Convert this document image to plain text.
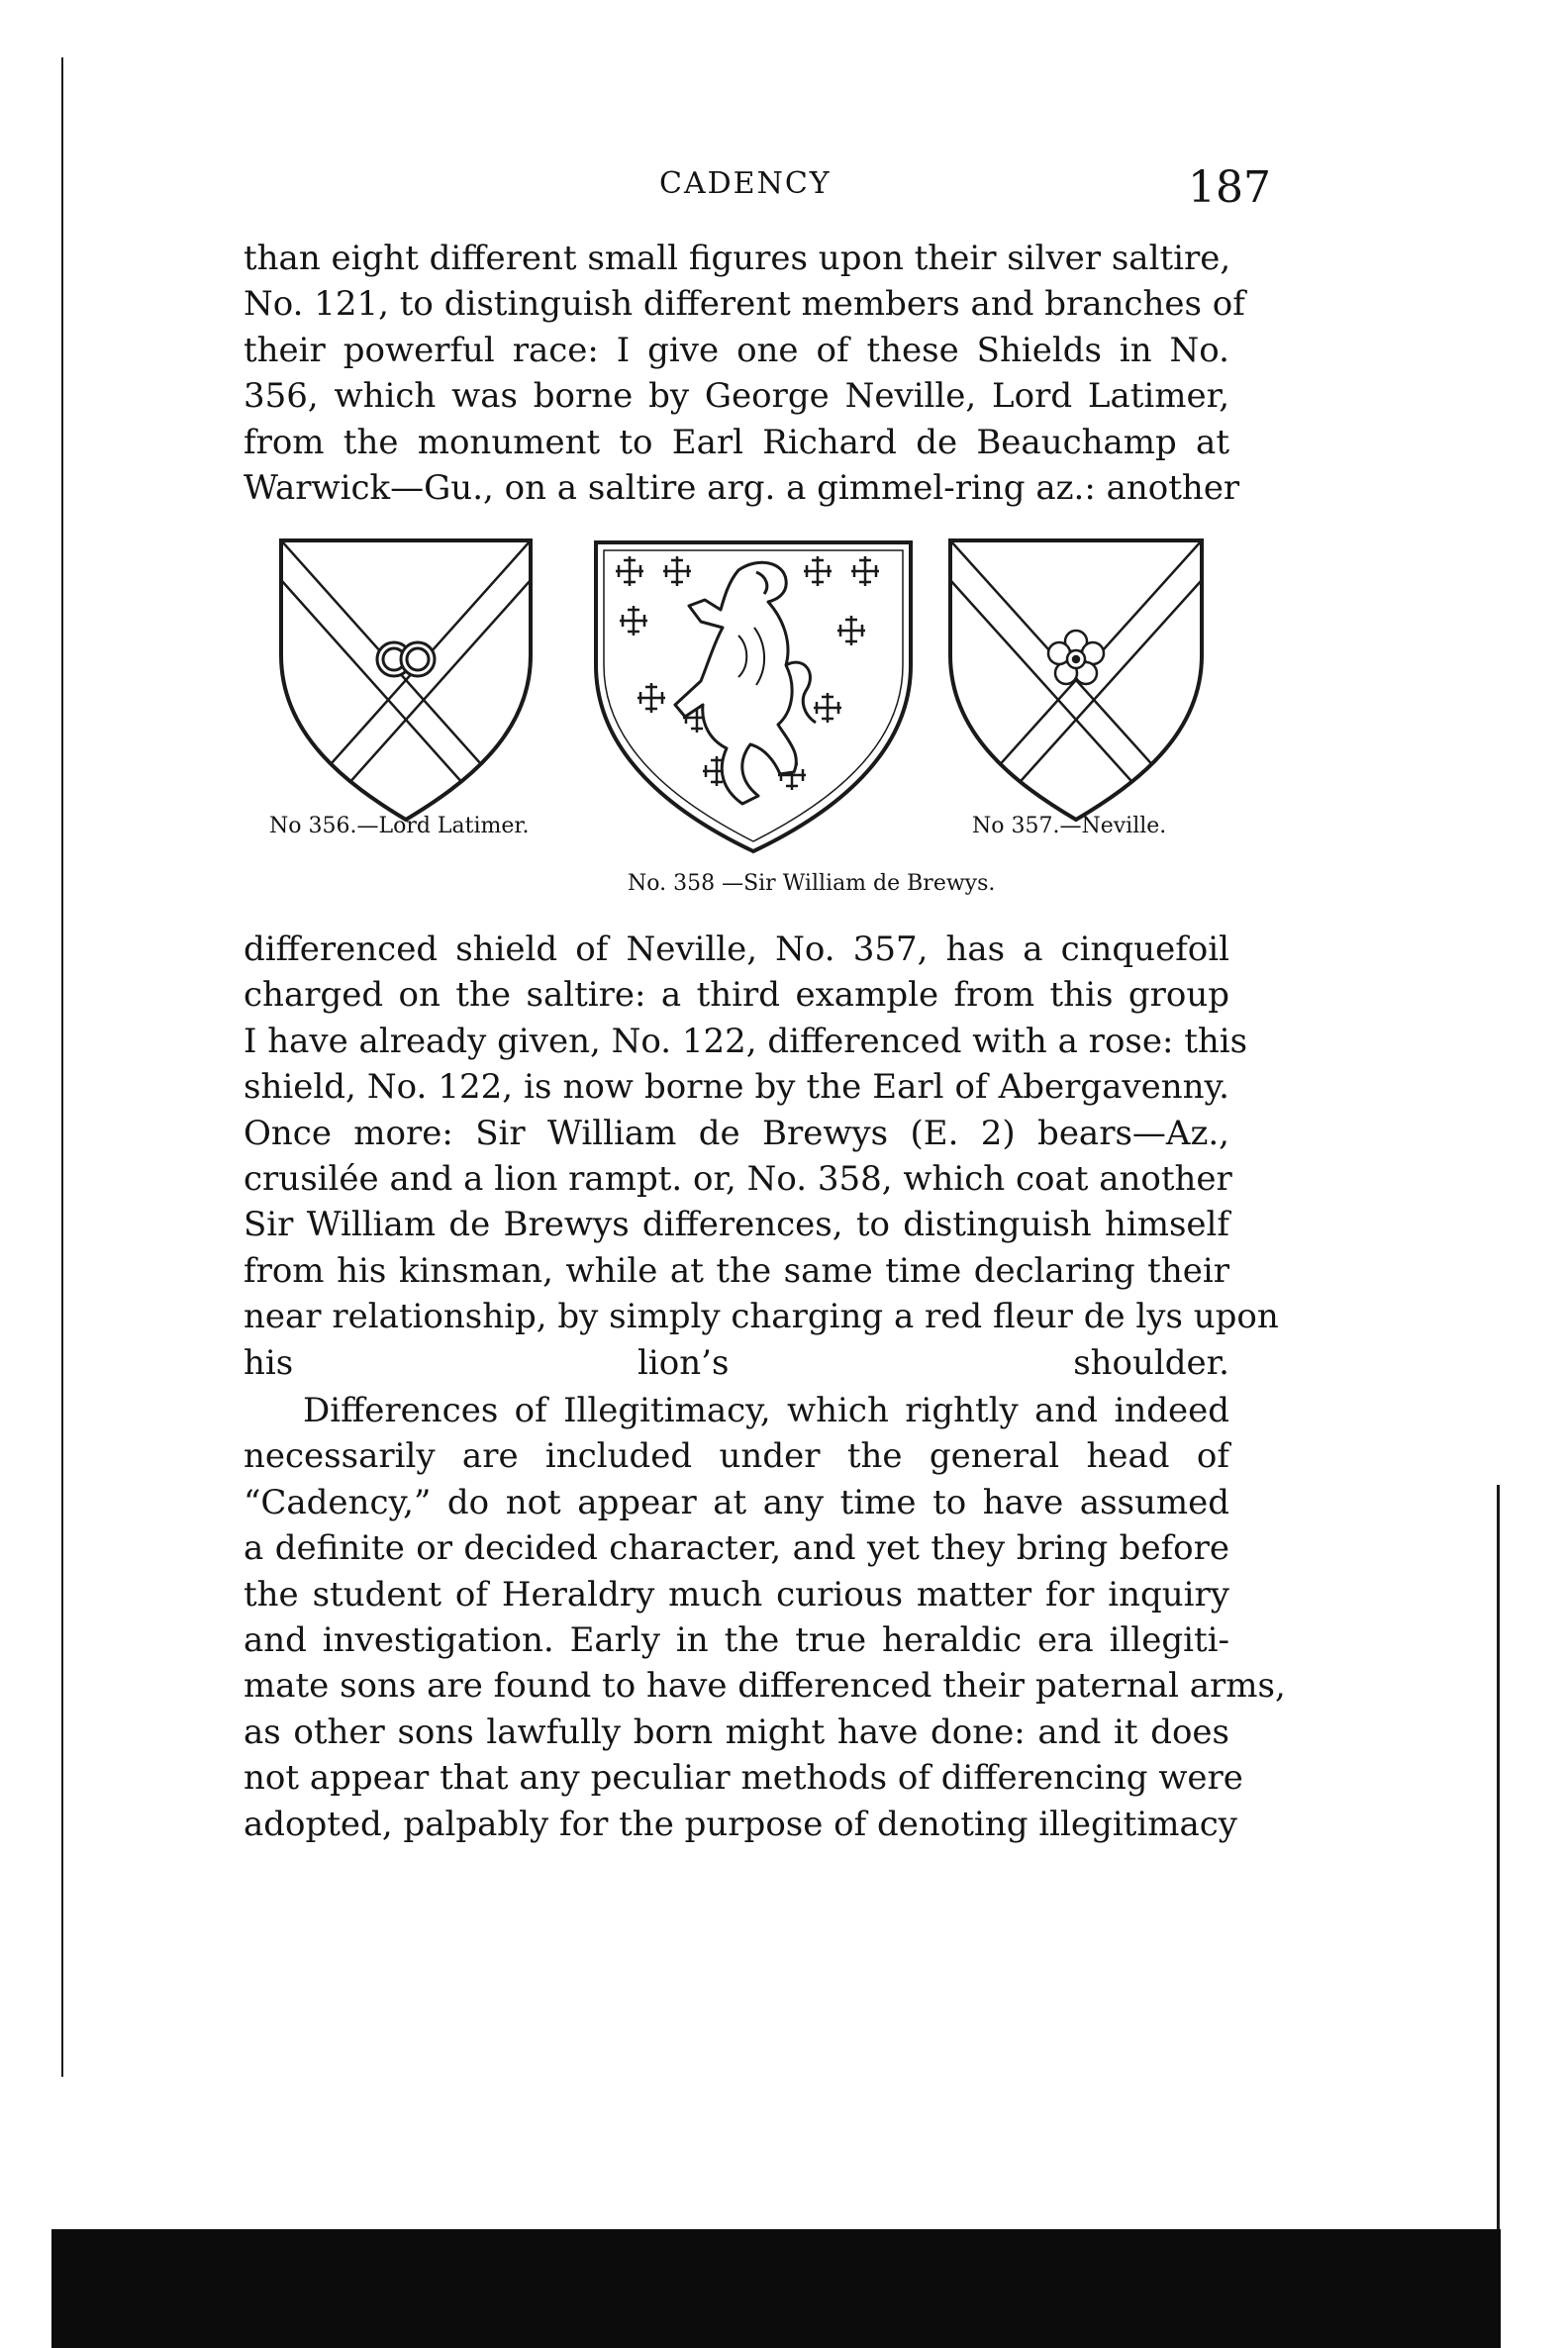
CADENCY	187

than eight different small figures upon their silver saltire,
No. 121, to distinguish different members and branches of
their powerful race: I give one of these Shields in No.
356, which was borne by George Neville, Lord Latimer,
from the monument to Earl Richard de Beauchamp at
Warwick—Gu., on a saltire arg. a gimmel-ring az.: another

No 356.—Lord Latimer.
No. 358 —Sir William de Brewys.
No 357.—Neville.

differenced shield of Neville, No. 357, has a cinquefoil
charged on the saltire: a third example from this group
I have already given, No. 122, differenced with a rose: this
shield, No. 122, is now borne by the Earl of Abergavenny.
Once more: Sir William de Brewys (E. 2) bears—Az.,
crusilée and a lion rampt. or, No. 358, which coat another
Sir William de Brewys differences, to distinguish himself
from his kinsman, while at the same time declaring their
near relationship, by simply charging a red fleur de lys upon
his lion’s shoulder.

Differences of Illegitimacy, which rightly and indeed
necessarily are included under the general head of
“Cadency,” do not appear at any time to have assumed
a definite or decided character, and yet they bring before
the student of Heraldry much curious matter for inquiry
and investigation. Early in the true heraldic era illegiti-
mate sons are found to have differenced their paternal arms,
as other sons lawfully born might have done: and it does
not appear that any peculiar methods of differencing were
adopted, palpably for the purpose of denoting illegitimacy
